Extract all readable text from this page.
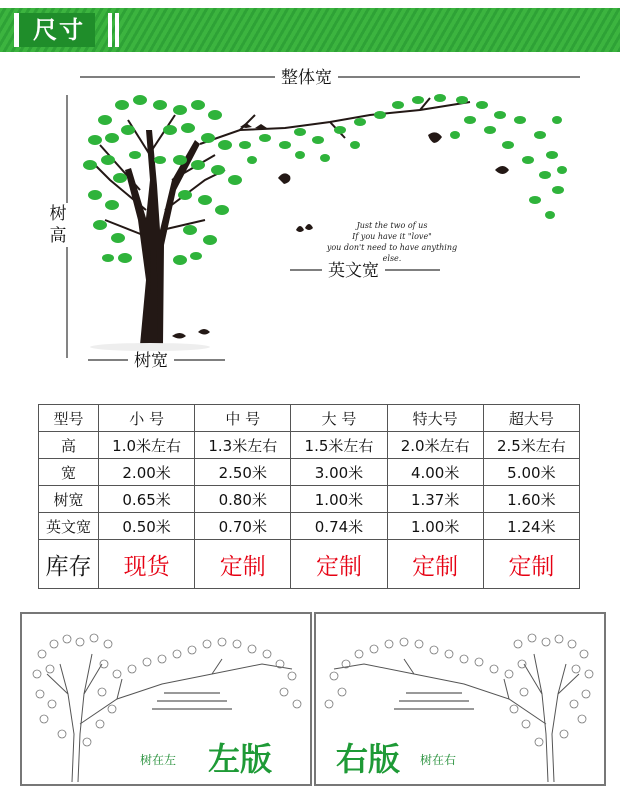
尺寸
整体宽
树高
树宽
英文宽
Just the two of us
If you have it "love"
you don't need to have anything else.
型号	小 号	中 号	大 号	特大号	超大号
高	1.0米左右	1.3米左右	1.5米左右	2.0米左右	2.5米左右
宽	2.00米	2.50米	3.00米	4.00米	5.00米
树宽	0.65米	0.80米	1.00米	1.37米	1.60米
英文宽	0.50米	0.70米	0.74米	1.00米	1.24米
库存	现货	定制	定制	定制	定制
树在左 左版 右版 树在右
